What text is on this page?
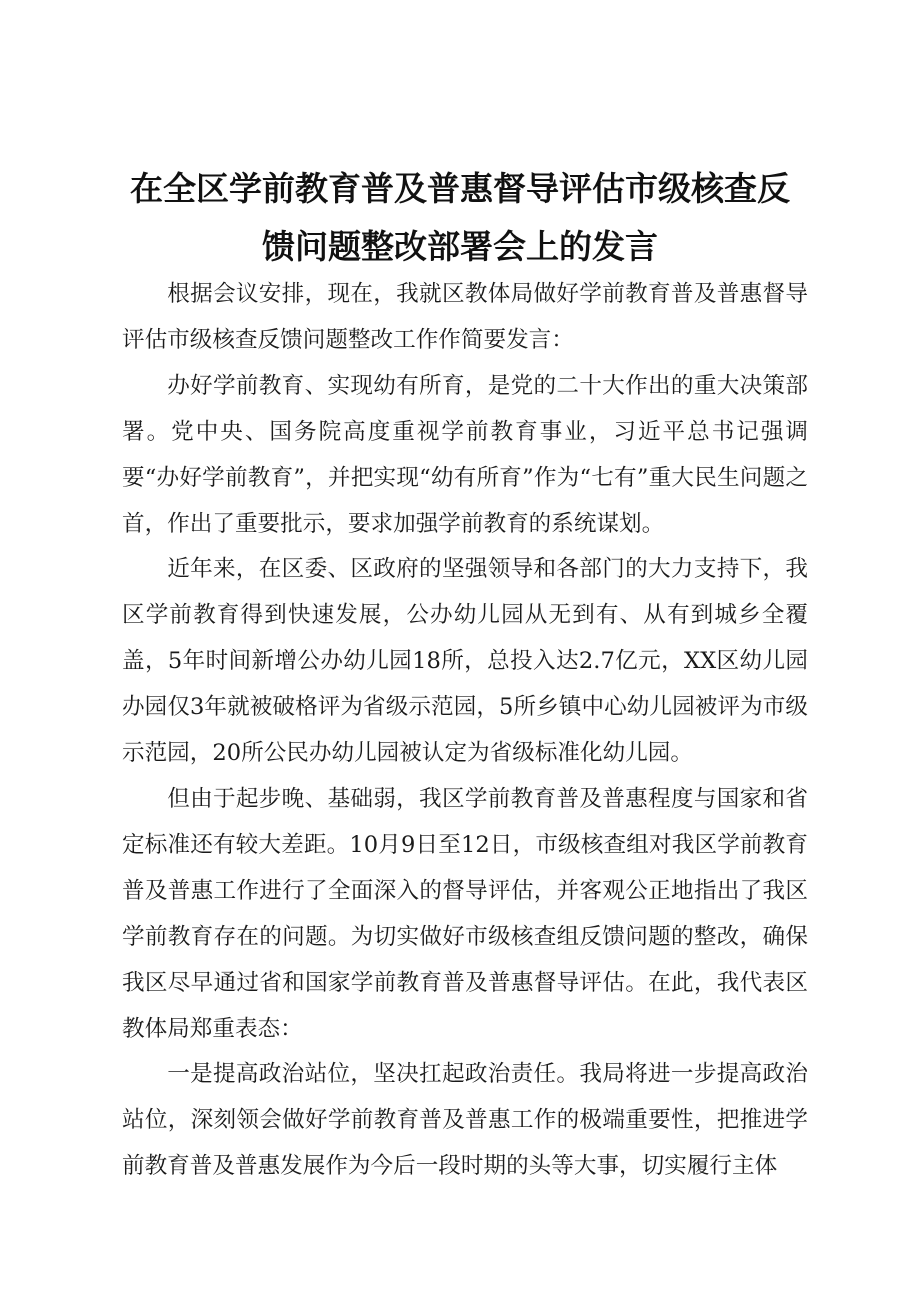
在全区学前教育普及普惠督导评估市级核查反馈问题整改部署会上的发言

根据会议安排，现在，我就区教体局做好学前教育普及普惠督导评估市级核查反馈问题整改工作作简要发言：

办好学前教育、实现幼有所育，是党的二十大作出的重大决策部署。党中央、国务院高度重视学前教育事业，习近平总书记强调要“办好学前教育”，并把实现“幼有所育”作为“七有”重大民生问题之首，作出了重要批示，要求加强学前教育的系统谋划。

近年来，在区委、区政府的坚强领导和各部门的大力支持下，我区学前教育得到快速发展，公办幼儿园从无到有、从有到城乡全覆盖，5年时间新增公办幼儿园18所，总投入达2.7亿元，XX区幼儿园办园仅3年就被破格评为省级示范园，5所乡镇中心幼儿园被评为市级示范园，20所公民办幼儿园被认定为省级标准化幼儿园。

但由于起步晚、基础弱，我区学前教育普及普惠程度与国家和省定标准还有较大差距。10月9日至12日，市级核查组对我区学前教育普及普惠工作进行了全面深入的督导评估，并客观公正地指出了我区学前教育存在的问题。为切实做好市级核查组反馈问题的整改，确保我区尽早通过省和国家学前教育普及普惠督导评估。在此，我代表区教体局郑重表态：

一是提高政治站位，坚决扛起政治责任。我局将进一步提高政治站位，深刻领会做好学前教育普及普惠工作的极端重要性，把推进学前教育普及普惠发展作为今后一段时期的头等大事，切实履行主体
